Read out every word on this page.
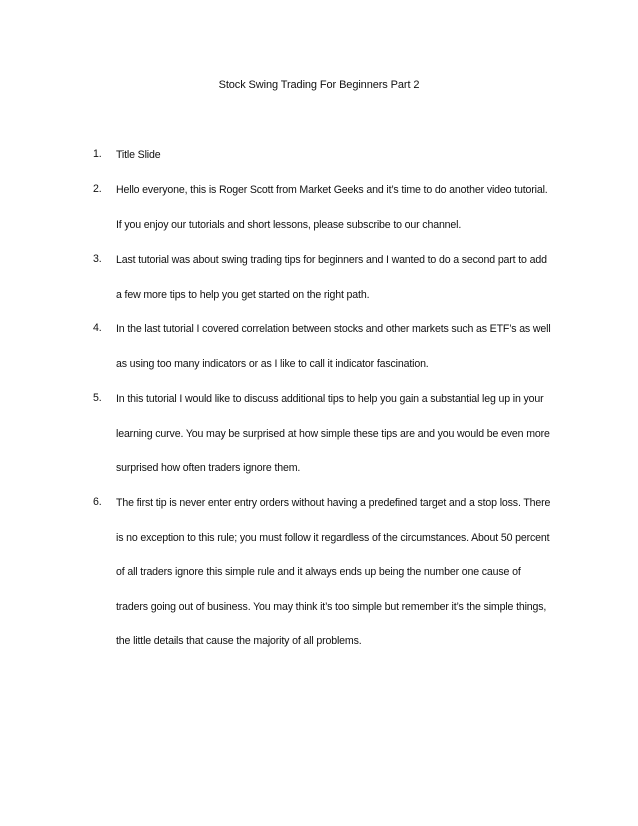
Stock Swing Trading For Beginners Part 2
1.	Title Slide
2.	Hello everyone, this is Roger Scott from Market Geeks and it’s time to do another video tutorial.
If you enjoy our tutorials and short lessons, please subscribe to our channel.
3.	Last tutorial was about swing trading tips for beginners and I wanted to do a second part to add
a few more tips to help you get started on the right path.
4.	In the last tutorial I covered correlation between stocks and other markets such as ETF’s as well
as using too many indicators or as I like to call it indicator fascination.
5.	In this tutorial I would like to discuss additional tips to help you gain a substantial leg up in your
learning curve. You may be surprised at how simple these tips are and you would be even more
surprised how often traders ignore them.
6.	The first tip is never enter entry orders without having a predefined target and a stop loss. There
is no exception to this rule; you must follow it regardless of the circumstances. About 50 percent
of all traders ignore this simple rule and it always ends up being the number one cause of
traders going out of business. You may think it’s too simple but remember it’s the simple things,
the little details that cause the majority of all problems.
